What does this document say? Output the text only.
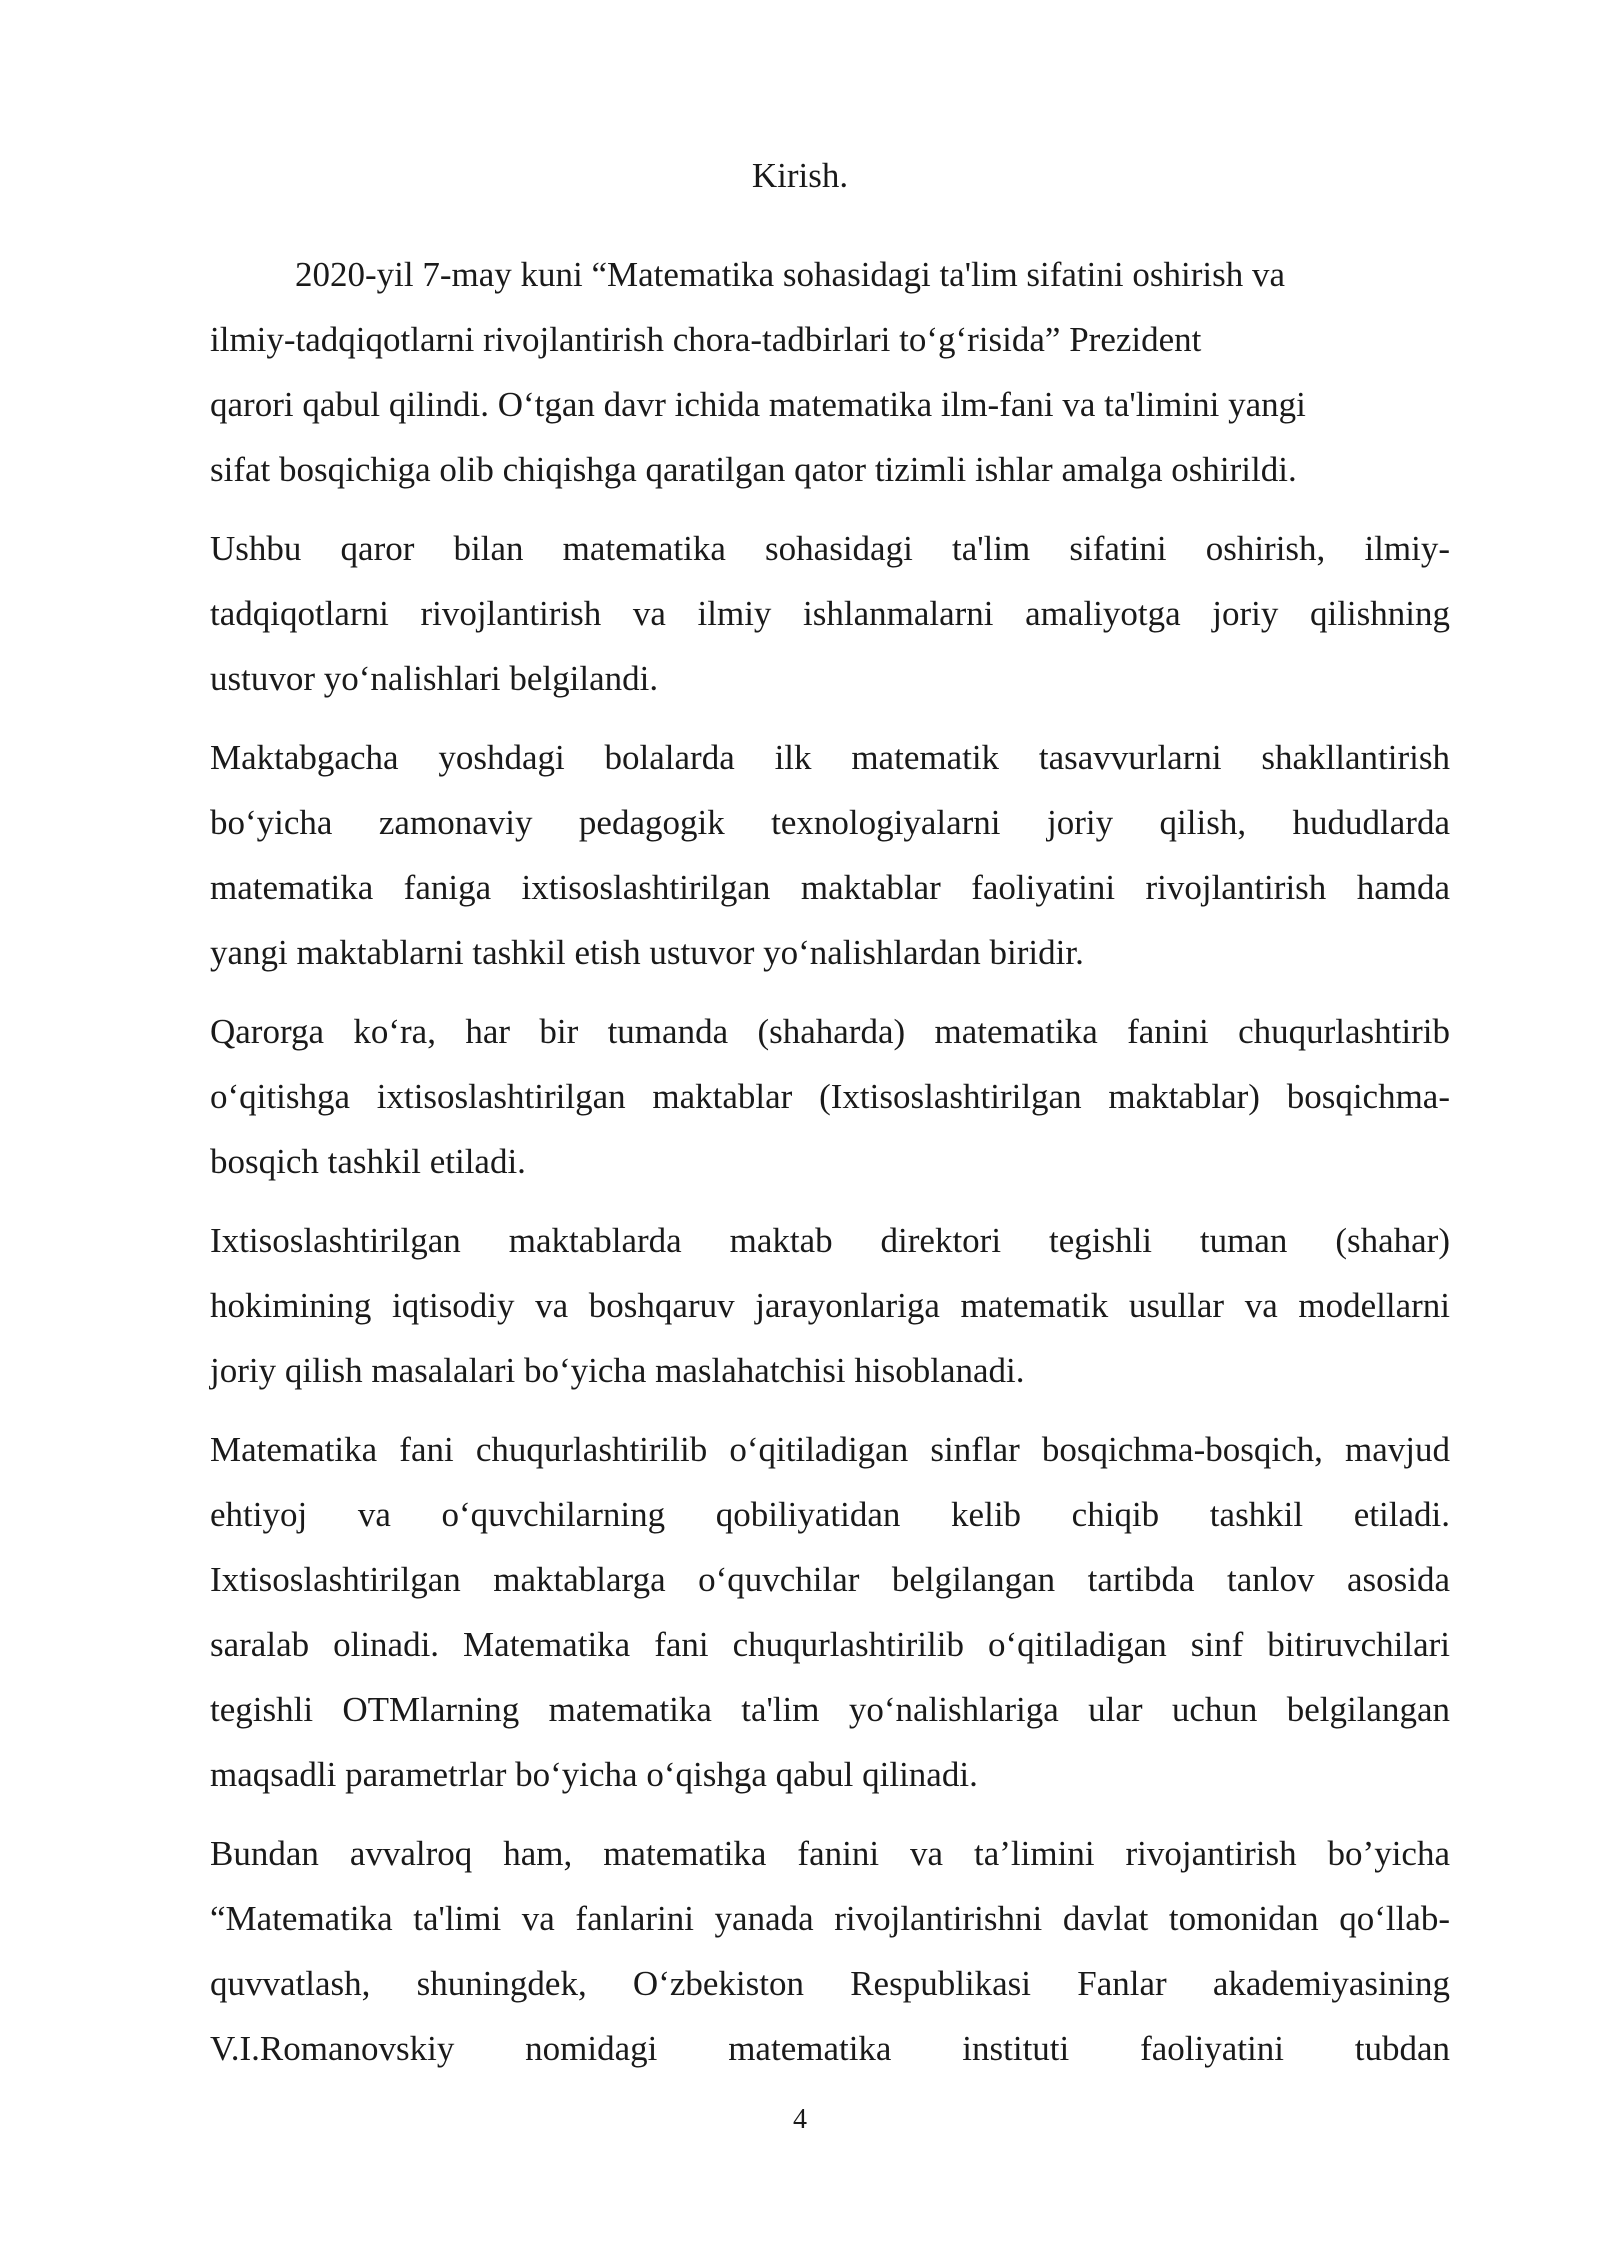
Kirish.

2020-yil 7-may kuni “Matematika sohasidagi ta'lim sifatini oshirish va
ilmiy-tadqiqotlarni rivojlantirish chora-tadbirlari to‘g‘risida” Prezident
qarori qabul qilindi. O‘tgan davr ichida matematika ilm-fani va ta'limini yangi
sifat bosqichiga olib chiqishga qaratilgan qator tizimli ishlar amalga oshirildi.

Ushbu qaror bilan matematika sohasidagi ta'lim sifatini oshirish, ilmiy-
tadqiqotlarni rivojlantirish va ilmiy ishlanmalarni amaliyotga joriy qilishning
ustuvor yo‘nalishlari belgilandi.

Maktabgacha yoshdagi bolalarda ilk matematik tasavvurlarni shakllantirish
bo‘yicha zamonaviy pedagogik texnologiyalarni joriy qilish, hududlarda
matematika faniga ixtisoslashtirilgan maktablar faoliyatini rivojlantirish hamda
yangi maktablarni tashkil etish ustuvor yo‘nalishlardan biridir.

Qarorga ko‘ra, har bir tumanda (shaharda) matematika fanini chuqurlashtirib
o‘qitishga ixtisoslashtirilgan maktablar (Ixtisoslashtirilgan maktablar) bosqichma-
bosqich tashkil etiladi.

Ixtisoslashtirilgan maktablarda maktab direktori tegishli tuman (shahar)
hokimining iqtisodiy va boshqaruv jarayonlariga matematik usullar va modellarni
joriy qilish masalalari bo‘yicha maslahatchisi hisoblanadi.

Matematika fani chuqurlashtirilib o‘qitiladigan sinflar bosqichma-bosqich, mavjud
ehtiyoj va o‘quvchilarning qobiliyatidan kelib chiqib tashkil etiladi.
Ixtisoslashtirilgan maktablarga o‘quvchilar belgilangan tartibda tanlov asosida
saralab olinadi. Matematika fani chuqurlashtirilib o‘qitiladigan sinf bitiruvchilari
tegishli OTMlarning matematika ta'lim yo‘nalishlariga ular uchun belgilangan
maqsadli parametrlar bo‘yicha o‘qishga qabul qilinadi.

Bundan avvalroq ham, matematika fanini va ta’limini rivojantirish bo’yicha
“Matematika ta'limi va fanlarini yanada rivojlantirishni davlat tomonidan qo‘llab-
quvvatlash, shuningdek, O‘zbekiston Respublikasi Fanlar akademiyasining
V.I.Romanovskiy nomidagi matematika instituti faoliyatini tubdan

4
